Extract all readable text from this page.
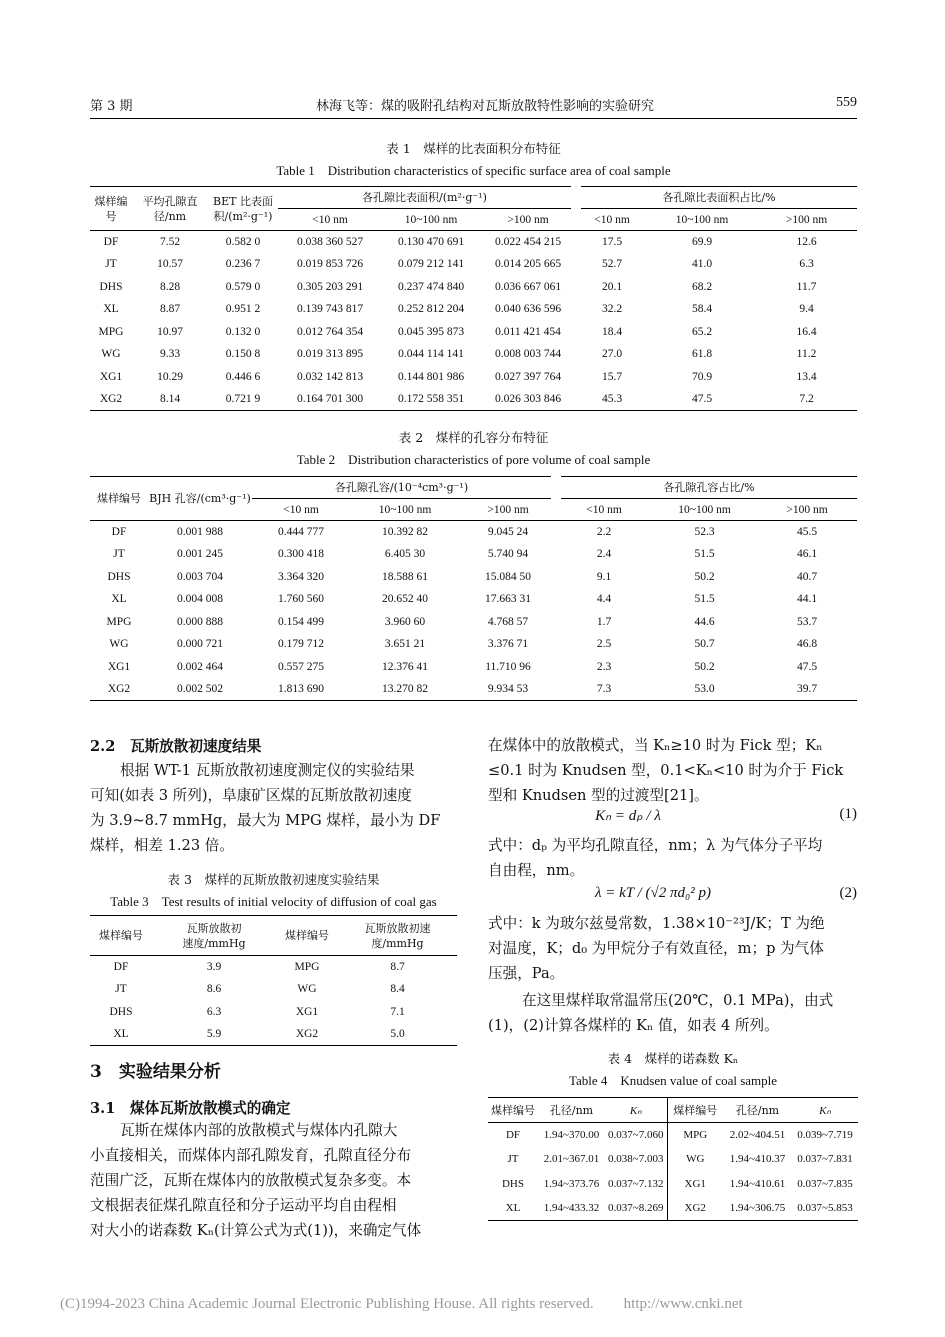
第 3 期	林海飞等：煤的吸附孔结构对瓦斯放散特性影响的实验研究	559
表 1　煤样的比表面积分布特征
Table 1　Distribution characteristics of specific surface area of coal sample
煤样编号	平均孔隙直径/nm	BET 比表面积/(m²·g⁻¹)	各孔隙比表面积/(m²·g⁻¹)			各孔隙比表面积占比/%		
			<10 nm	10~100 nm	>100 nm	<10 nm	10~100 nm	>100 nm
DF	7.52	0.582 0	0.038 360 527	0.130 470 691	0.022 454 215	17.5	69.9	12.6
JT	10.57	0.236 7	0.019 853 726	0.079 212 141	0.014 205 665	52.7	41.0	6.3
DHS	8.28	0.579 0	0.305 203 291	0.237 474 840	0.036 667 061	20.1	68.2	11.7
XL	8.87	0.951 2	0.139 743 817	0.252 812 204	0.040 636 596	32.2	58.4	9.4
MPG	10.97	0.132 0	0.012 764 354	0.045 395 873	0.011 421 454	18.4	65.2	16.4
WG	9.33	0.150 8	0.019 313 895	0.044 114 141	0.008 003 744	27.0	61.8	11.2
XG1	10.29	0.446 6	0.032 142 813	0.144 801 986	0.027 397 764	15.7	70.9	13.4
XG2	8.14	0.721 9	0.164 701 300	0.172 558 351	0.026 303 846	45.3	47.5	7.2
表 2　煤样的孔容分布特征
Table 2　Distribution characteristics of pore volume of coal sample
煤样编号	BJH 孔容/(cm³·g⁻¹)	各孔隙孔容/(10⁻⁴cm³·g⁻¹)			各孔隙孔容占比/%		
		<10 nm	10~100 nm	>100 nm	<10 nm	10~100 nm	>100 nm
DF	0.001 988	0.444 777	10.392 82	9.045 24	2.2	52.3	45.5
JT	0.001 245	0.300 418	6.405 30	5.740 94	2.4	51.5	46.1
DHS	0.003 704	3.364 320	18.588 61	15.084 50	9.1	50.2	40.7
XL	0.004 008	1.760 560	20.652 40	17.663 31	4.4	51.5	44.1
MPG	0.000 888	0.154 499	3.960 60	4.768 57	1.7	44.6	53.7
WG	0.000 721	0.179 712	3.651 21	3.376 71	2.5	50.7	46.8
XG1	0.002 464	0.557 275	12.376 41	11.710 96	2.3	50.2	47.5
XG2	0.002 502	1.813 690	13.270 82	9.934 53	7.3	53.0	39.7
2.2　瓦斯放散初速度结果
根据 WT-1 瓦斯放散初速度测定仪的实验结果
可知(如表 3 所列)，阜康矿区煤的瓦斯放散初速度
为 3.9~8.7 mmHg，最大为 MPG 煤样，最小为 DF
煤样，相差 1.23 倍。
表 3　煤样的瓦斯放散初速度实验结果
Table 3　Test results of initial velocity of diffusion of coal gas
煤样编号	瓦斯放散初速度/mmHg	煤样编号	瓦斯放散初速度/mmHg
DF	3.9	MPG	8.7
JT	8.6	WG	8.4
DHS	6.3	XG1	7.1
XL	5.9	XG2	5.0
3　实验结果分析
3.1　煤体瓦斯放散模式的确定
瓦斯在煤体内部的放散模式与煤体内孔隙大
小直接相关，而煤体内部孔隙发育，孔隙直径分布
范围广泛，瓦斯在煤体内的放散模式复杂多变。本
文根据表征煤孔隙直径和分子运动平均自由程相
对大小的诺森数 Kₙ(计算公式为式(1))，来确定气体
在煤体中的放散模式，当 Kₙ≥10 时为 Fick 型；Kₙ
≤0.1 时为 Knudsen 型，0.1<Kₙ<10 时为介于 Fick
型和 Knudsen 型的过渡型[21]。
Kₙ = dₚ / λ	(1)
式中：dₚ 为平均孔隙直径，nm；λ 为气体分子平均
自由程，nm。
λ = kT / (√2 πd₀² p)	(2)
式中：k 为玻尔兹曼常数，1.38×10⁻²³J/K；T 为绝
对温度，K；d₀ 为甲烷分子有效直径，m；p 为气体
压强，Pa。
在这里煤样取常温常压(20℃，0.1 MPa)，由式
(1)，(2)计算各煤样的 Kₙ 值，如表 4 所列。
表 4　煤样的诺森数 Kₙ
Table 4　Knudsen value of coal sample
煤样编号	孔径/nm	Kₙ	煤样编号	孔径/nm	Kₙ
DF	1.94~370.00	0.037~7.060	MPG	2.02~404.51	0.039~7.719
JT	2.01~367.01	0.038~7.003	WG	1.94~410.37	0.037~7.831
DHS	1.94~373.76	0.037~7.132	XG1	1.94~410.61	0.037~7.835
XL	1.94~433.32	0.037~8.269	XG2	1.94~306.75	0.037~5.853
(C)1994-2023 China Academic Journal Electronic Publishing House. All rights reserved.　　http://www.cnki.net
